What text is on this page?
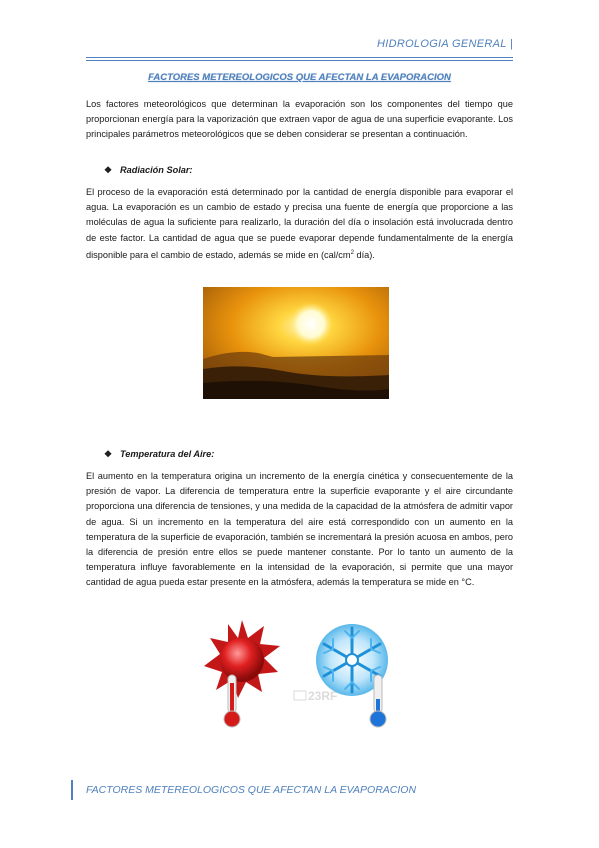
HIDROLOGIA GENERAL |
FACTORES METEREOLOGICOS QUE AFECTAN LA EVAPORACION
Los factores meteorológicos que determinan la evaporación son los componentes del tiempo que proporcionan energía para la vaporización que extraen vapor de agua de una superficie evaporante. Los principales parámetros meteorológicos que se deben considerar se presentan a continuación.
❖ Radiación Solar:
El proceso de la evaporación está determinado por la cantidad de energía disponible para evaporar el agua. La evaporación es un cambio de estado y precisa una fuente de energía que proporcione a las moléculas de agua la suficiente para realizarlo, la duración del día o insolación está involucrada dentro de este factor. La cantidad de agua que se puede evaporar depende fundamentalmente de la energía disponible para el cambio de estado, además se mide en ($cal/cm^2$ día).
❖ Temperatura del Aire:
El aumento en la temperatura origina un incremento de la energía cinética y consecuentemente de la presión de vapor. La diferencia de temperatura entre la superficie evaporante y el aire circundante proporciona una diferencia de tensiones, y una medida de la capacidad de la atmósfera de admitir vapor de agua. Si un incremento en la temperatura del aire está correspondido con un aumento en la temperatura de la superficie de evaporación, también se incrementará la presión acuosa en ambos, pero la diferencia de presión entre ellos se puede mantener constante. Por lo tanto un aumento de la temperatura influye favorablemente en la intensidad de la evaporación, si permite que una mayor cantidad de agua pueda estar presente en la atmósfera, además la temperatura se mide en °C.
23RF
FACTORES METEREOLOGICOS QUE AFECTAN LA EVAPORACION
